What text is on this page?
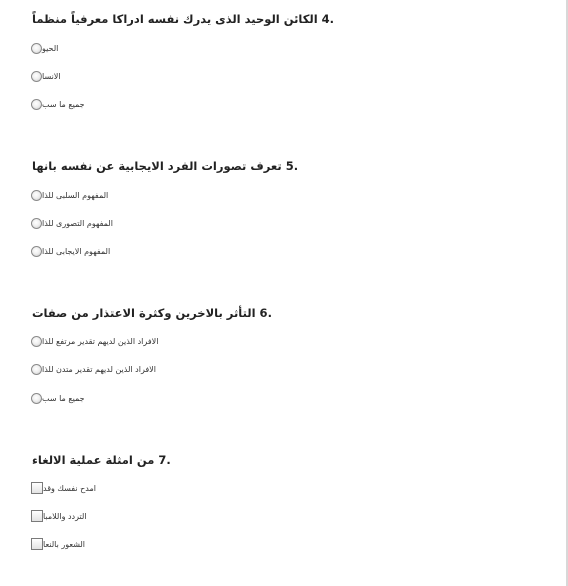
.4 الكائن الوحيد الذى يدرك نفسه ادراكا معرفياً منظماً
الحيو
الانسا
جميع ما سب
.5 تعرف تصورات الفرد الايجابية عن نفسه بانها
المفهوم السلبى للذا
المفهوم التصورى للذا
المفهوم الايجابى للذا
.6 التأثر بالاخرين وكثرة الاعتذار من صفات
الافراد الذين لديهم تقدير مرتفع للذا
الافراد الذين لديهم تقدير متدن للذا
جميع ما سب
.7 من امثلة عملية الالغاء
امدح نفسك وقد
التردد واللامبا
الشعور بالنعا
